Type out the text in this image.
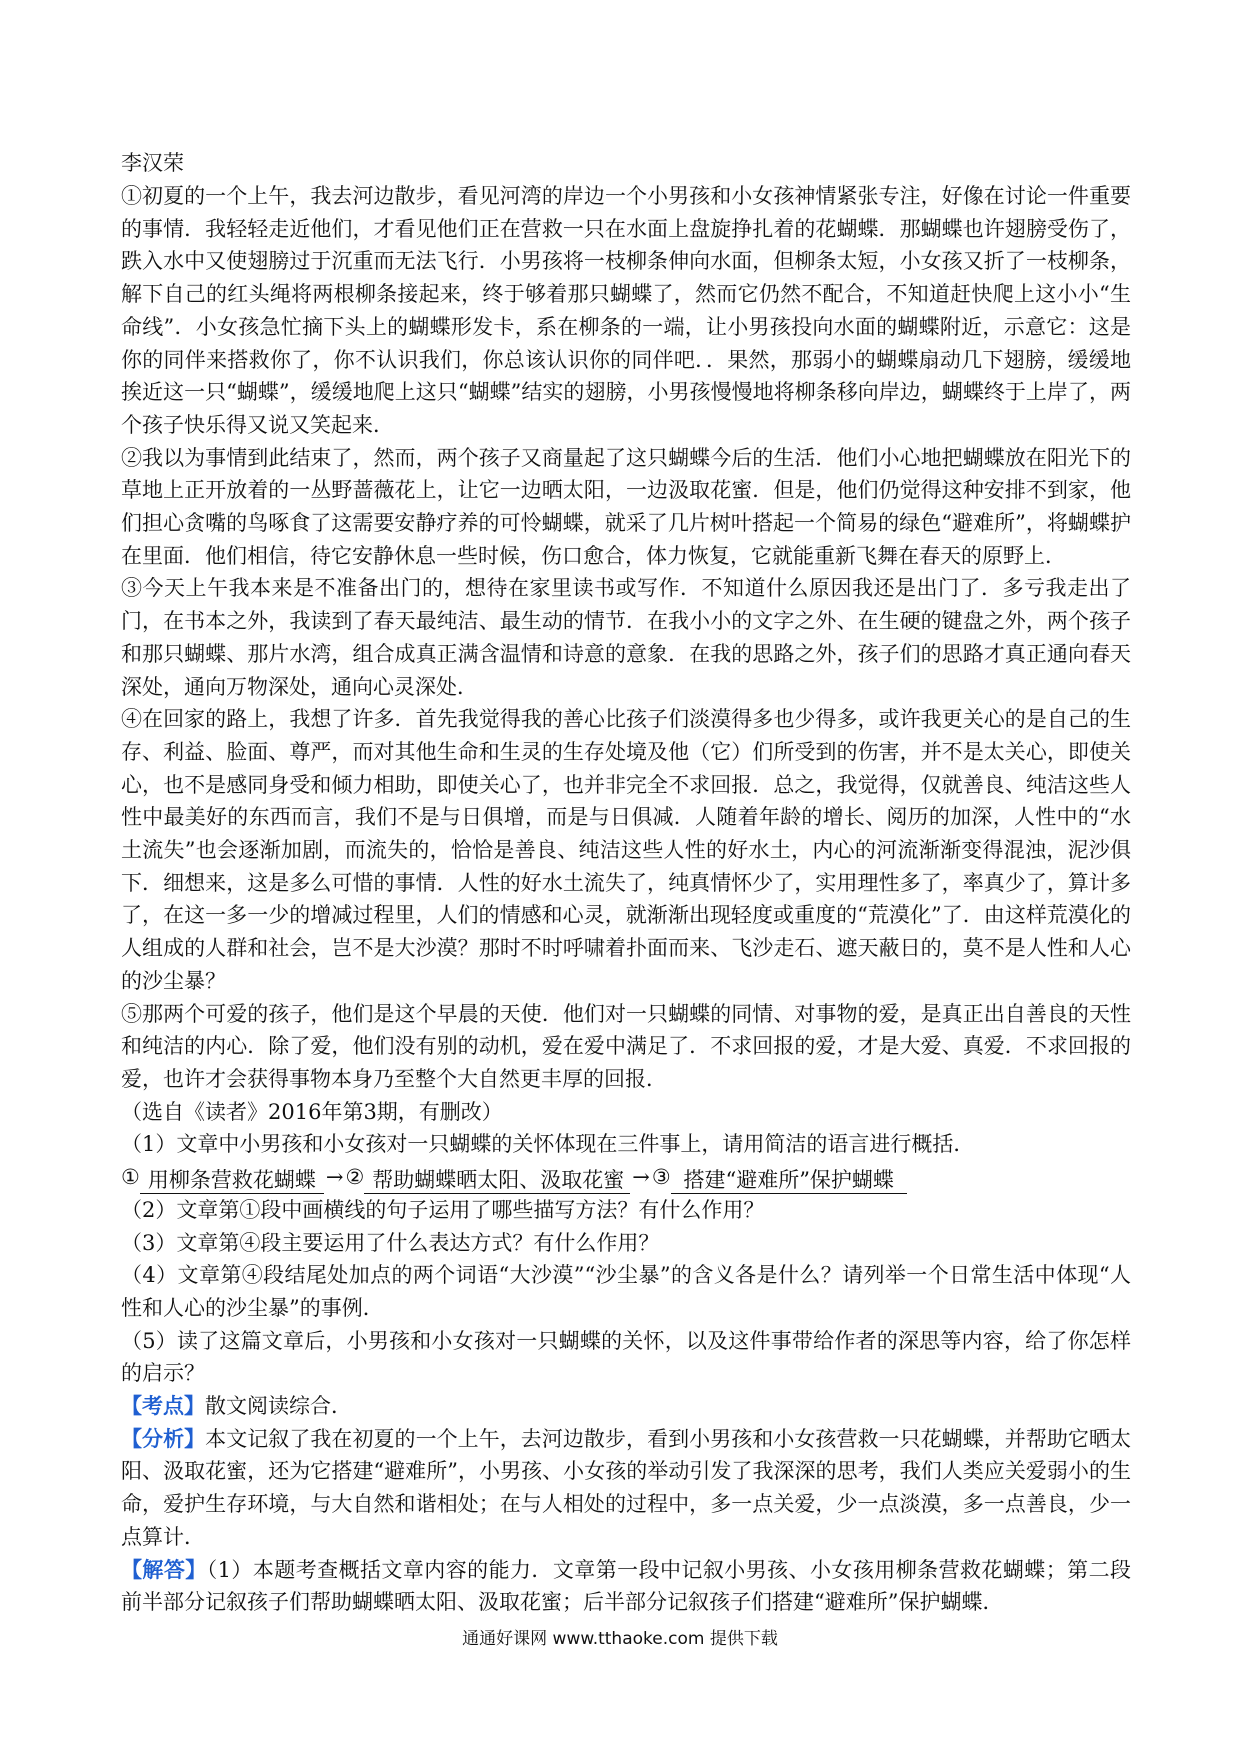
李汉荣

①初夏的一个上午，我去河边散步，看见河湾的岸边一个小男孩和小女孩神情紧张专注，好像在讨论一件重要的事情．我轻轻走近他们，才看见他们正在营救一只在水面上盘旋挣扎着的花蝴蝶．那蝴蝶也许翅膀受伤了，跌入水中又使翅膀过于沉重而无法飞行．小男孩将一枝柳条伸向水面，但柳条太短，小女孩又折了一枝柳条，解下自己的红头绳将两根柳条接起来，终于够着那只蝴蝶了，然而它仍然不配合，不知道赶快爬上这小小“生命线”．小女孩急忙摘下头上的蝴蝶形发卡，系在柳条的一端，让小男孩投向水面的蝴蝶附近，示意它：这是你的同伴来搭救你了，你不认识我们，你总该认识你的同伴吧．．果然，那弱小的蝴蝶扇动几下翅膀，缓缓地挨近这一只“蝴蝶”，缓缓地爬上这只“蝴蝶”结实的翅膀，小男孩慢慢地将柳条移向岸边，蝴蝶终于上岸了，两个孩子快乐得又说又笑起来．

②我以为事情到此结束了，然而，两个孩子又商量起了这只蝴蝶今后的生活．他们小心地把蝴蝶放在阳光下的草地上正开放着的一丛野蔷薇花上，让它一边晒太阳，一边汲取花蜜．但是，他们仍觉得这种安排不到家，他们担心贪嘴的鸟啄食了这需要安静疗养的可怜蝴蝶，就采了几片树叶搭起一个简易的绿色“避难所”，将蝴蝶护在里面．他们相信，待它安静休息一些时候，伤口愈合，体力恢复，它就能重新飞舞在春天的原野上．

③今天上午我本来是不准备出门的，想待在家里读书或写作．不知道什么原因我还是出门了．多亏我走出了门，在书本之外，我读到了春天最纯洁、最生动的情节．在我小小的文字之外、在生硬的键盘之外，两个孩子和那只蝴蝶、那片水湾，组合成真正满含温情和诗意的意象．在我的思路之外，孩子们的思路才真正通向春天深处，通向万物深处，通向心灵深处．

④在回家的路上，我想了许多．首先我觉得我的善心比孩子们淡漠得多也少得多，或许我更关心的是自己的生存、利益、脸面、尊严，而对其他生命和生灵的生存处境及他（它）们所受到的伤害，并不是太关心，即使关心，也不是感同身受和倾力相助，即使关心了，也并非完全不求回报．总之，我觉得，仅就善良、纯洁这些人性中最美好的东西而言，我们不是与日俱增，而是与日俱减．人随着年龄的增长、阅历的加深，人性中的“水土流失”也会逐渐加剧，而流失的，恰恰是善良、纯洁这些人性的好水土，内心的河流渐渐变得混浊，泥沙俱下．细想来，这是多么可惜的事情．人性的好水土流失了，纯真情怀少了，实用理性多了，率真少了，算计多了，在这一多一少的增减过程里，人们的情感和心灵，就渐渐出现轻度或重度的“荒漠化”了．由这样荒漠化的人组成的人群和社会，岂不是大沙漠？那时不时呼啸着扑面而来、飞沙走石、遮天蔽日的，莫不是人性和人心的沙尘暴？

⑤那两个可爱的孩子，他们是这个早晨的天使．他们对一只蝴蝶的同情、对事物的爱，是真正出自善良的天性和纯洁的内心．除了爱，他们没有别的动机，爱在爱中满足了．不求回报的爱，才是大爱、真爱．不求回报的爱，也许才会获得事物本身乃至整个大自然更丰厚的回报．

（选自《读者》2016年第3期，有删改）

（1）文章中小男孩和小女孩对一只蝴蝶的关怀体现在三件事上，请用简洁的语言进行概括．

① 用柳条营救花蝴蝶 → ② 帮助蝴蝶晒太阳、汲取花蜜 → ③ 搭建“避难所”保护蝴蝶

（2）文章第①段中画横线的句子运用了哪些描写方法？有什么作用？

（3）文章第④段主要运用了什么表达方式？有什么作用？

（4）文章第④段结尾处加点的两个词语“大沙漠”“沙尘暴”的含义各是什么？请列举一个日常生活中体现“人性和人心的沙尘暴”的事例．

（5）读了这篇文章后，小男孩和小女孩对一只蝴蝶的关怀，以及这件事带给作者的深思等内容，给了你怎样的启示？

【考点】散文阅读综合．

【分析】本文记叙了我在初夏的一个上午，去河边散步，看到小男孩和小女孩营救一只花蝴蝶，并帮助它晒太阳、汲取花蜜，还为它搭建“避难所”，小男孩、小女孩的举动引发了我深深的思考，我们人类应关爱弱小的生命，爱护生存环境，与大自然和谐相处；在与人相处的过程中，多一点关爱，少一点淡漠，多一点善良，少一点算计．

【解答】（1）本题考查概括文章内容的能力．文章第一段中记叙小男孩、小女孩用柳条营救花蝴蝶；第二段前半部分记叙孩子们帮助蝴蝶晒太阳、汲取花蜜；后半部分记叙孩子们搭建“避难所”保护蝴蝶．

通通好课网 www.tthaoke.com 提供下载
